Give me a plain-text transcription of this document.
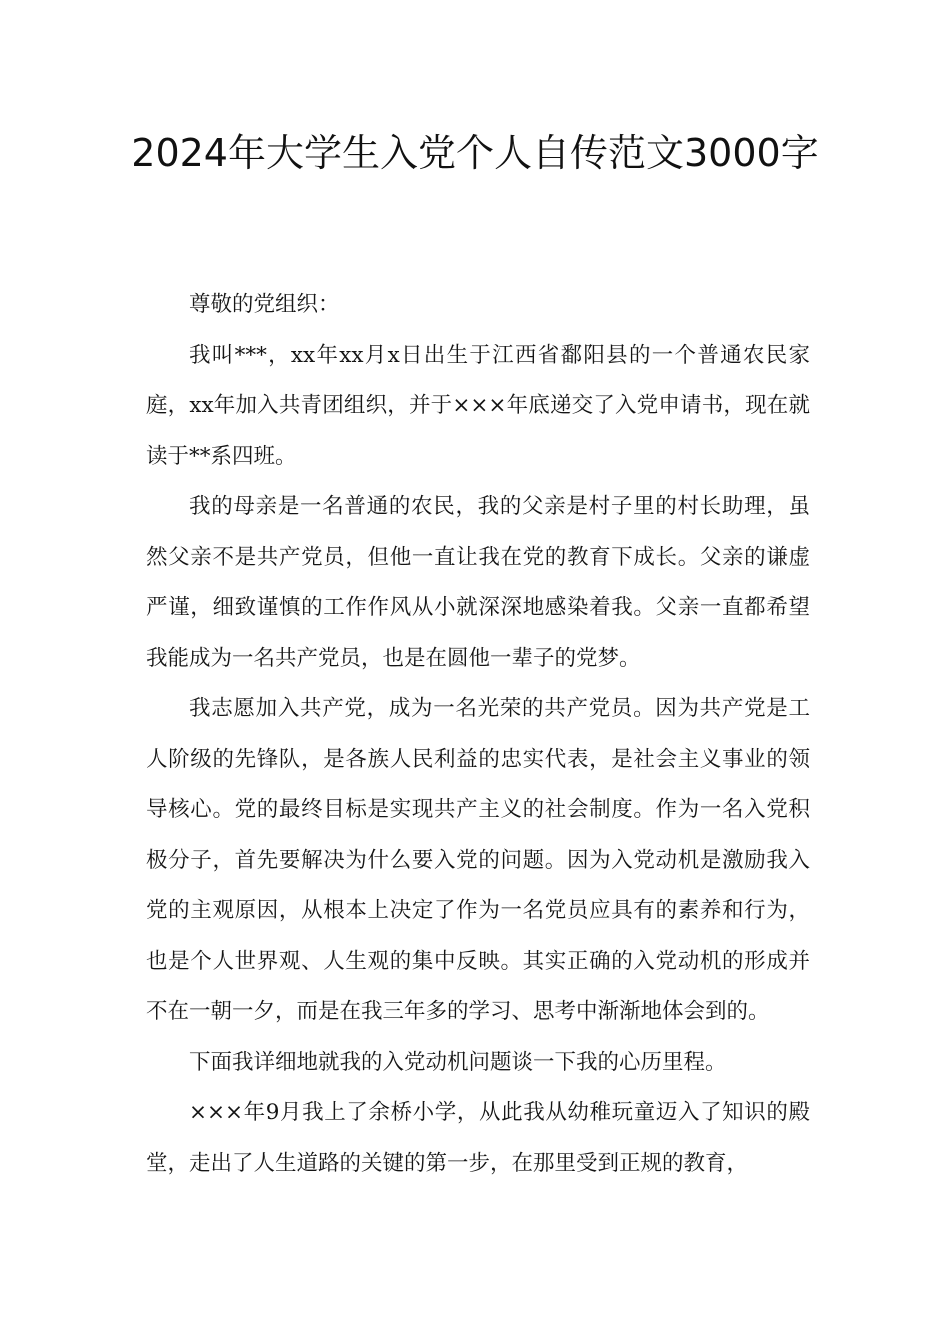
2024年大学生入党个人自传范文3000字

尊敬的党组织：

我叫***，xx年xx月x日出生于江西省鄱阳县的一个普通农民家庭，xx年加入共青团组织，并于×××年底递交了入党申请书，现在就读于**系四班。

我的母亲是一名普通的农民，我的父亲是村子里的村长助理，虽然父亲不是共产党员，但他一直让我在党的教育下成长。父亲的谦虚严谨，细致谨慎的工作作风从小就深深地感染着我。父亲一直都希望我能成为一名共产党员，也是在圆他一辈子的党梦。

我志愿加入共产党，成为一名光荣的共产党员。因为共产党是工人阶级的先锋队，是各族人民利益的忠实代表，是社会主义事业的领导核心。党的最终目标是实现共产主义的社会制度。作为一名入党积极分子，首先要解决为什么要入党的问题。因为入党动机是激励我入党的主观原因，从根本上决定了作为一名党员应具有的素养和行为，也是个人世界观、人生观的集中反映。其实正确的入党动机的形成并不在一朝一夕，而是在我三年多的学习、思考中渐渐地体会到的。

下面我详细地就我的入党动机问题谈一下我的心历里程。

×××年9月我上了余桥小学，从此我从幼稚玩童迈入了知识的殿堂，走出了人生道路的关键的第一步，在那里受到正规的教育，
